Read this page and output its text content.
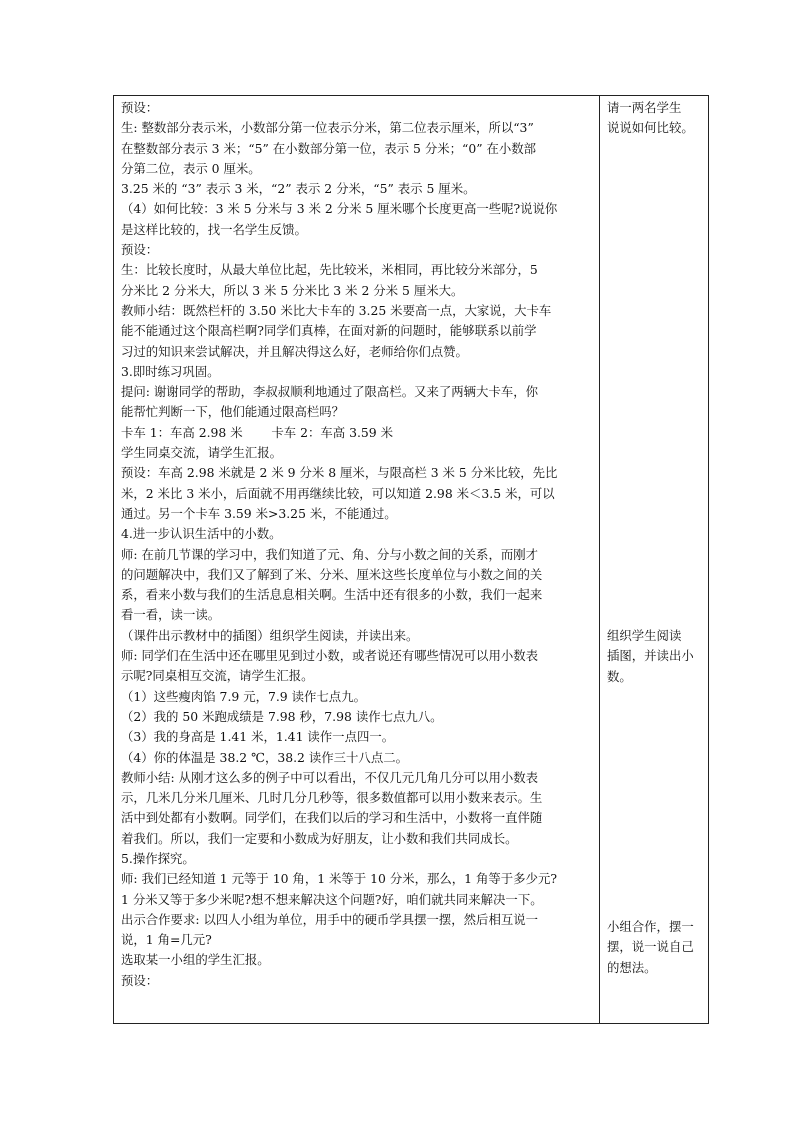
预设：
生: 整数部分表示米，小数部分第一位表示分米，第二位表示厘米，所以“3”
在整数部分表示 3 米；“5” 在小数部分第一位，表示 5 分米；“0” 在小数部
分第二位，表示 0 厘米。
3.25 米的 “3” 表示 3 米，“2” 表示 2 分米，“5” 表示 5 厘米。
（4）如何比较：3 米 5 分米与 3 米 2 分米 5 厘米哪个长度更高一些呢?说说你
是这样比较的，找一名学生反馈。
预设：
生：比较长度时，从最大单位比起，先比较米，米相同，再比较分米部分，5
分米比 2 分米大，所以 3 米 5 分米比 3 米 2 分米 5 厘米大。
教师小结：既然栏杆的 3.50 米比大卡车的 3.25 米要高一点，大家说，大卡车
能不能通过这个限高栏啊?同学们真棒，在面对新的问题时，能够联系以前学
习过的知识来尝试解决，并且解决得这么好，老师给你们点赞。
3.即时练习巩固。
提问: 谢谢同学的帮助，李叔叔顺利地通过了限高栏。又来了两辆大卡车，你
能帮忙判断一下，他们能通过限高栏吗？
卡车 1：车高 2.98 米　　 卡车 2：车高 3.59 米
学生同桌交流，请学生汇报。
预设：车高 2.98 米就是 2 米 9 分米 8 厘米，与限高栏 3 米 5 分米比较，先比
米，2 米比 3 米小，后面就不用再继续比较，可以知道 2.98 米＜3.5 米，可以
通过。另一个卡车 3.59 米>3.25 米，不能通过。
4.进一步认识生活中的小数。
师: 在前几节课的学习中，我们知道了元、角、分与小数之间的关系，而刚才
的问题解决中，我们又了解到了米、分米、厘米这些长度单位与小数之间的关
系，看来小数与我们的生活息息相关啊。生活中还有很多的小数，我们一起来
看一看，读一读。
（课件出示教材中的插图）组织学生阅读，并读出来。
师: 同学们在生活中还在哪里见到过小数，或者说还有哪些情况可以用小数表
示呢?同桌相互交流，请学生汇报。
（1）这些瘦肉馅 7.9 元，7.9 读作七点九。
（2）我的 50 米跑成绩是 7.98 秒，7.98 读作七点九八。
（3）我的身高是 1.41 米，1.41 读作一点四一。
（4）你的体温是 38.2 ℃，38.2 读作三十八点二。
教师小结: 从刚才这么多的例子中可以看出，不仅几元几角几分可以用小数表
示，几米几分米几厘米、几时几分几秒等，很多数值都可以用小数来表示。生
活中到处都有小数啊。同学们，在我们以后的学习和生活中，小数将一直伴随
着我们。所以，我们一定要和小数成为好朋友，让小数和我们共同成长。
5.操作探究。
师: 我们已经知道 1 元等于 10 角，1 米等于 10 分米，那么，1 角等于多少元?
1 分米又等于多少米呢?想不想来解决这个问题?好，咱们就共同来解决一下。
出示合作要求: 以四人小组为单位，用手中的硬币学具摆一摆，然后相互说一
说，1 角=几元?
选取某一小组的学生汇报。
预设：
请一两名学生
说说如何比较。
组织学生阅读
插图，并读出小
数。
小组合作，摆一
摆，说一说自己
的想法。
